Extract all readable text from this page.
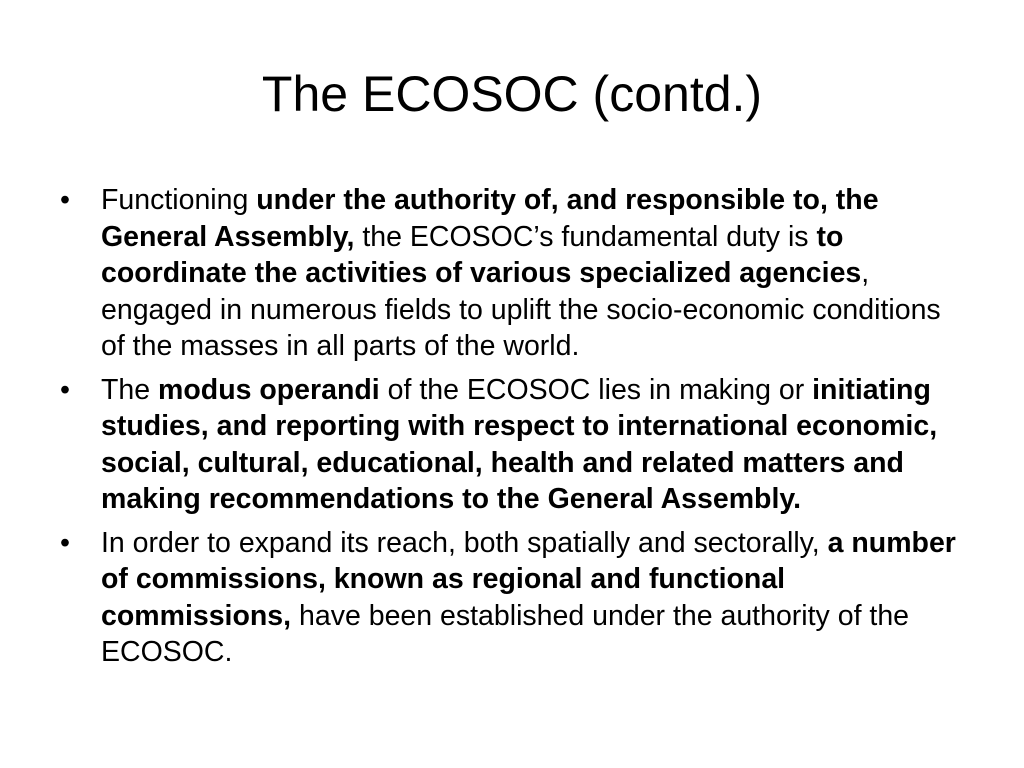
The ECOSOC (contd.)
•	Functioning under the authority of, and responsible to, the General Assembly, the ECOSOC’s fundamental duty is to coordinate the activities of various specialized agencies, engaged in numerous fields to uplift the socio-economic conditions of the masses in all parts of the world.
•	The modus operandi of the ECOSOC lies in making or initiating studies, and reporting with respect to international economic, social, cultural, educational, health and related matters and making recommendations to the General Assembly.
•	In order to expand its reach, both spatially and sectorally, a number of commissions, known as regional and functional commissions, have been established under the authority of the ECOSOC.
